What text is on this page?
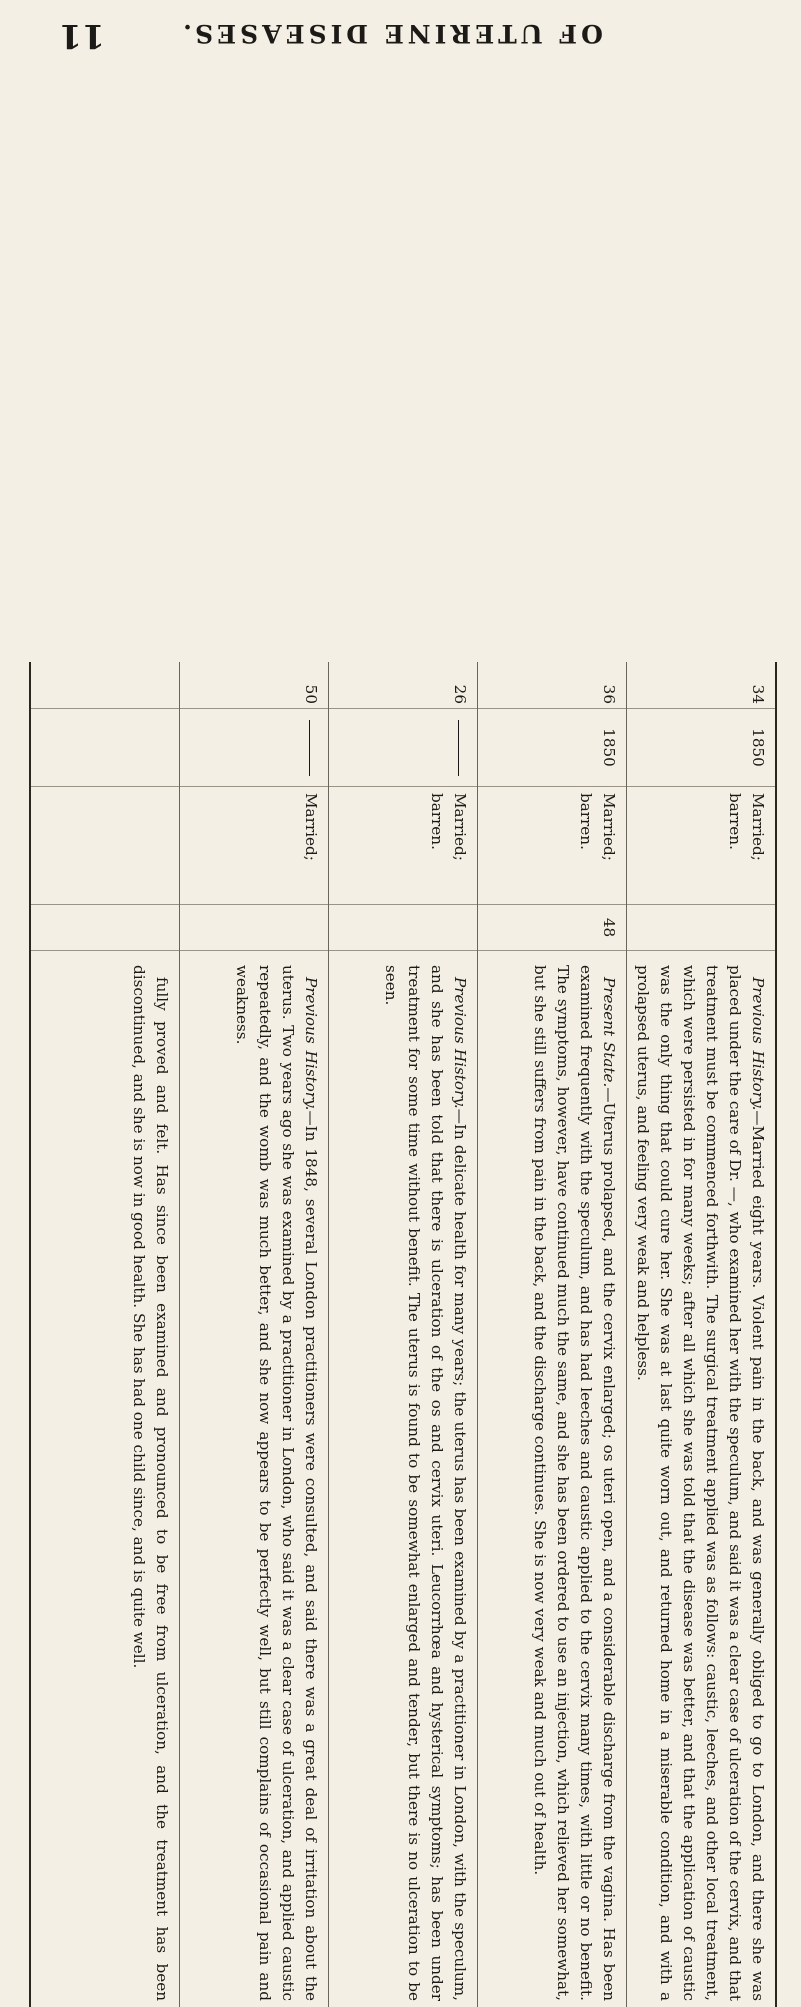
OF UTERINE DISEASES.
11
34
1850
Married;
barren.
Previous History.—Married eight years. Violent pain in the back, and was generally obliged to go to London, and there she was placed under the care of Dr. —, who examined her with the speculum, and said it was a clear case of ulceration of the cervix, and that treatment must be commenced forthwith. The surgical treatment applied was as follows: caustic, leeches, and other local treatment, which were persisted in for many weeks; after all which she was told that the disease was better, and that the application of caustic was the only thing that could cure her. She was at last quite worn out, and returned home in a miserable condition, and with a prolapsed uterus, and feeling very weak and helpless.
36
1850
Married;
barren.
48
Present State.—Uterus prolapsed, and the cervix enlarged; os uteri open, and a considerable discharge from the vagina. Has been examined frequently with the speculum, and has had leeches and caustic applied to the cervix many times, with little or no benefit. The symptoms, however, have continued much the same, and she has been ordered to use an injection, which relieved her somewhat, but she still suffers from pain in the back, and the discharge continues. She is now very weak and much out of health.
26
Married;
barren.
Previous History.—In delicate health for many years; the uterus has been examined by a practitioner in London, with the speculum, and she has been told that there is ulceration of the os and cervix uteri. Leucorrhœa and hysterical symptoms; has been under treatment for some time without benefit. The uterus is found to be somewhat enlarged and tender, but there is no ulceration to be seen.
50
Married;
Previous History.—In 1848, several London practitioners were consulted, and said there was a great deal of irritation about the uterus. Two years ago she was examined by a practitioner in London, who said it was a clear case of ulceration, and applied caustic repeatedly, and the womb was much better, and she now appears to be perfectly well, but still complains of occasional pain and weakness.
fully proved and felt. Has since been examined and pronounced to be free from ulceration, and the treatment has been discontinued, and she is now in good health. She has had one child since, and is quite well.
